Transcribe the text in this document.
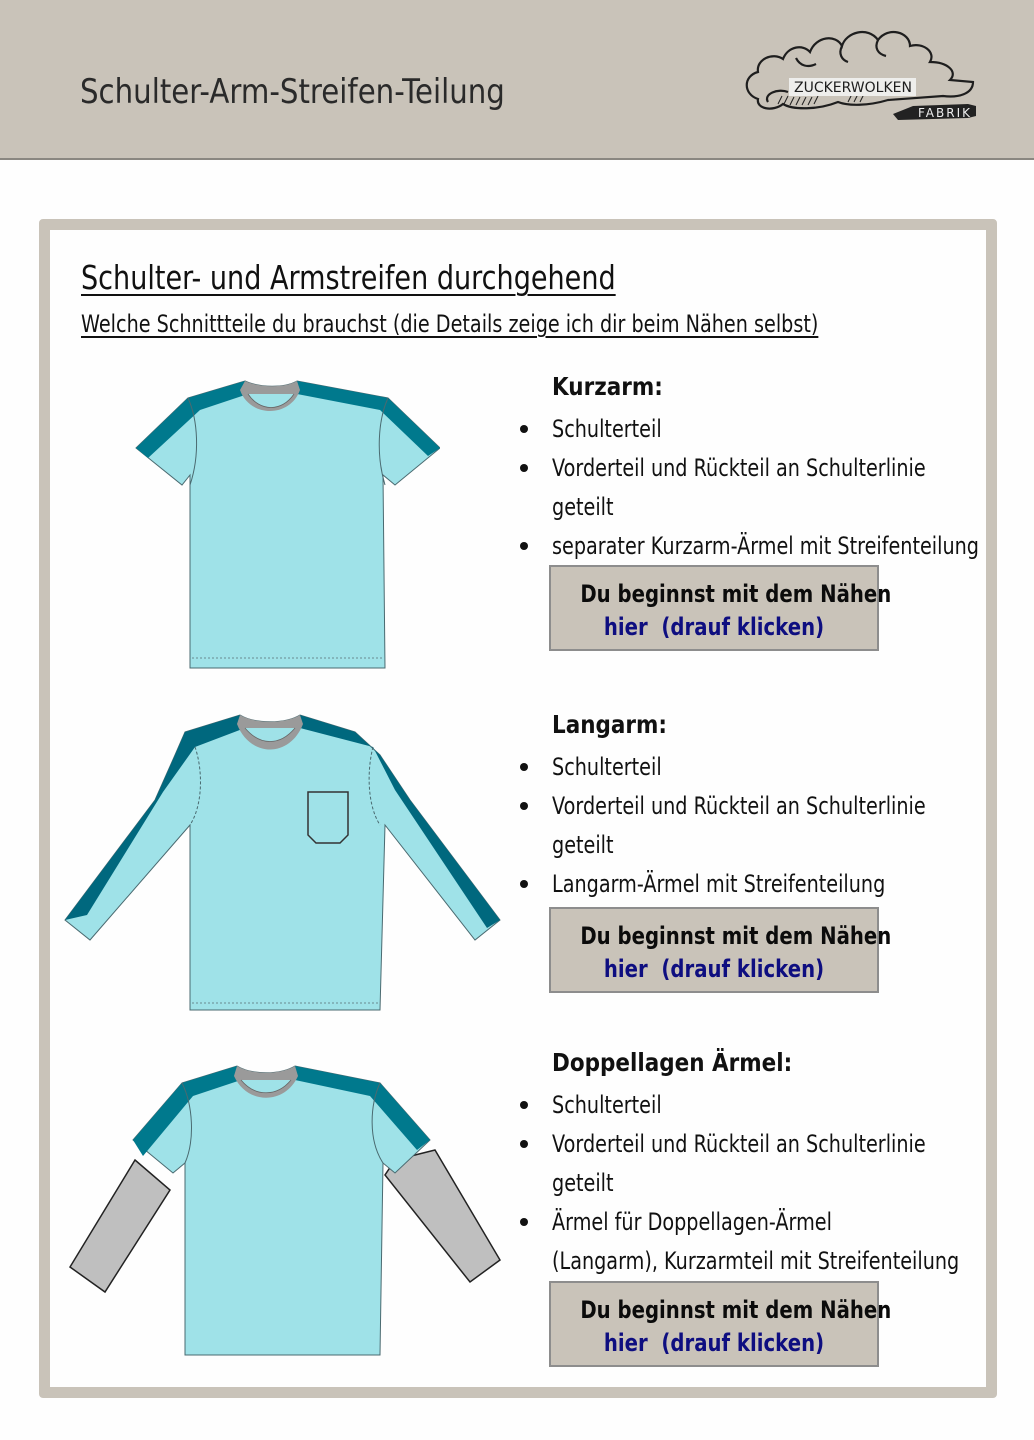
Schulter-Arm-Streifen-Teilung	ZUCKERWOLKEN
FABRIK
Schulter- und Armstreifen durchgehend
Welche Schnittteile du brauchst (die Details zeige ich dir beim Nähen selbst)
Kurzarm:
Schulterteil
Vorderteil und Rückteil an Schulterlinie
geteilt
separater Kurzarm-Ärmel mit Streifenteilung
Du beginnst mit dem Nähen
hier  (drauf klicken)
Langarm:
Schulterteil
Vorderteil und Rückteil an Schulterlinie
geteilt
Langarm-Ärmel mit Streifenteilung
Du beginnst mit dem Nähen
hier  (drauf klicken)
Doppellagen Ärmel:
Schulterteil
Vorderteil und Rückteil an Schulterlinie
geteilt
Ärmel für Doppellagen-Ärmel
(Langarm), Kurzarmteil mit Streifenteilung
Du beginnst mit dem Nähen
hier  (drauf klicken)
